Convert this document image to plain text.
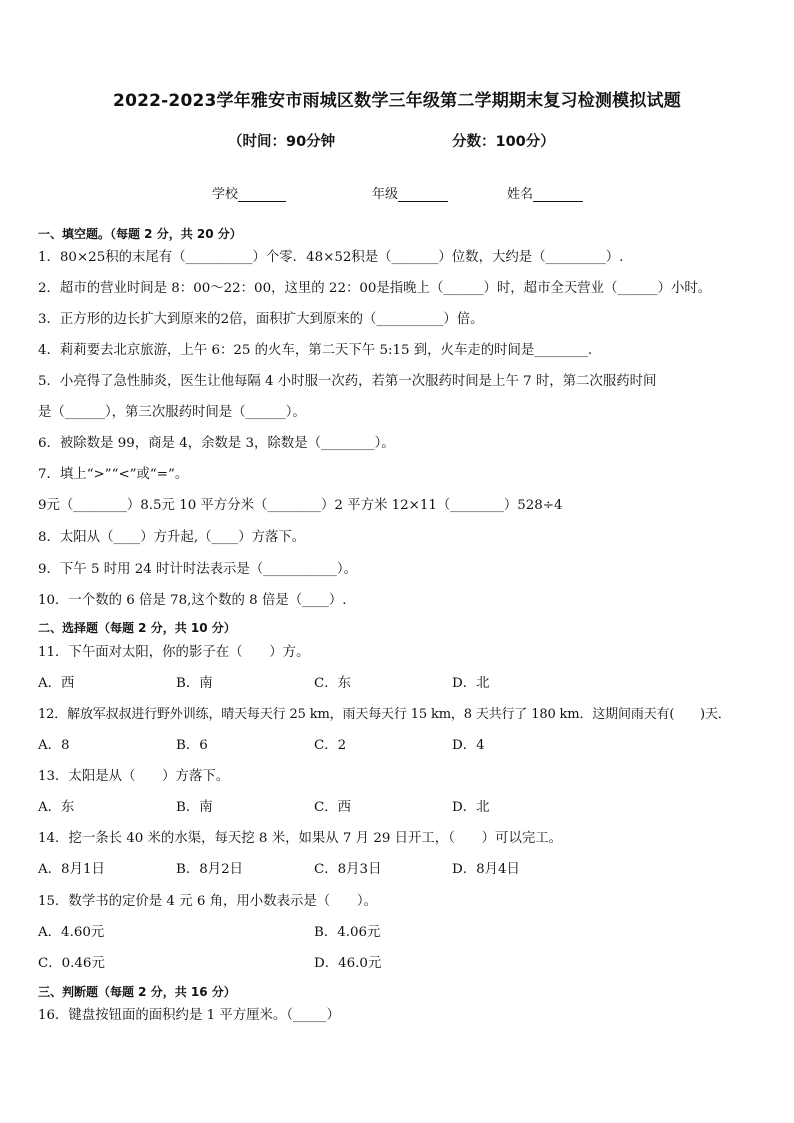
2022-2023学年雅安市雨城区数学三年级第二学期期末复习检测模拟试题
（时间：90分钟	分数：100分）
学校	年级	姓名
一、填空题。（每题 2 分，共 20 分）
1．80×25积的末尾有（__________）个零．48×52积是（_______）位数，大约是（_________）.
2．超市的营业时间是 8：00～22：00，这里的 22：00是指晚上（______）时，超市全天营业（______）小时。
3．正方形的边长扩大到原来的2倍，面积扩大到原来的（__________）倍。
4．莉莉要去北京旅游，上午 6：25 的火车，第二天下午 5:15 到，火车走的时间是________.
5．小亮得了急性肺炎，医生让他每隔 4 小时服一次药，若第一次服药时间是上午 7 时，第二次服药时间
是（______），第三次服药时间是（______）。
6．被除数是 99，商是 4，余数是 3，除数是（________）。
7．填上“>”“<”或“=”。
9元（________）8.5元 10 平方分米（________）2 平方米 12×11（________）528÷4
8．太阳从（____）方升起,（____）方落下。
9．下午 5 时用 24 时计时法表示是（___________）。
10．一个数的 6 倍是 78,这个数的 8 倍是（____）.
二、选择题（每题 2 分，共 10 分）
11．下午面对太阳，你的影子在（　　）方。
A．西	B．南	C．东	D．北
12．解放军叔叔进行野外训练，晴天每天行 25 km，雨天每天行 15 km，8 天共行了 180 km．这期间雨天有(　　)天．
A．8	B．6	C．2	D．4
13．太阳是从（　　）方落下。
A．东	B．南	C．西	D．北
14．挖一条长 40 米的水渠，每天挖 8 米，如果从 7 月 29 日开工，（　　）可以完工。
A．8月1日	B．8月2日	C．8月3日	D．8月4日
15．数学书的定价是 4 元 6 角，用小数表示是（　　）。
A．4.60元	B．4.06元
C．0.46元	D．46.0元
三、判断题（每题 2 分，共 16 分）
16．键盘按钮面的面积约是 1 平方厘米。（_____）
